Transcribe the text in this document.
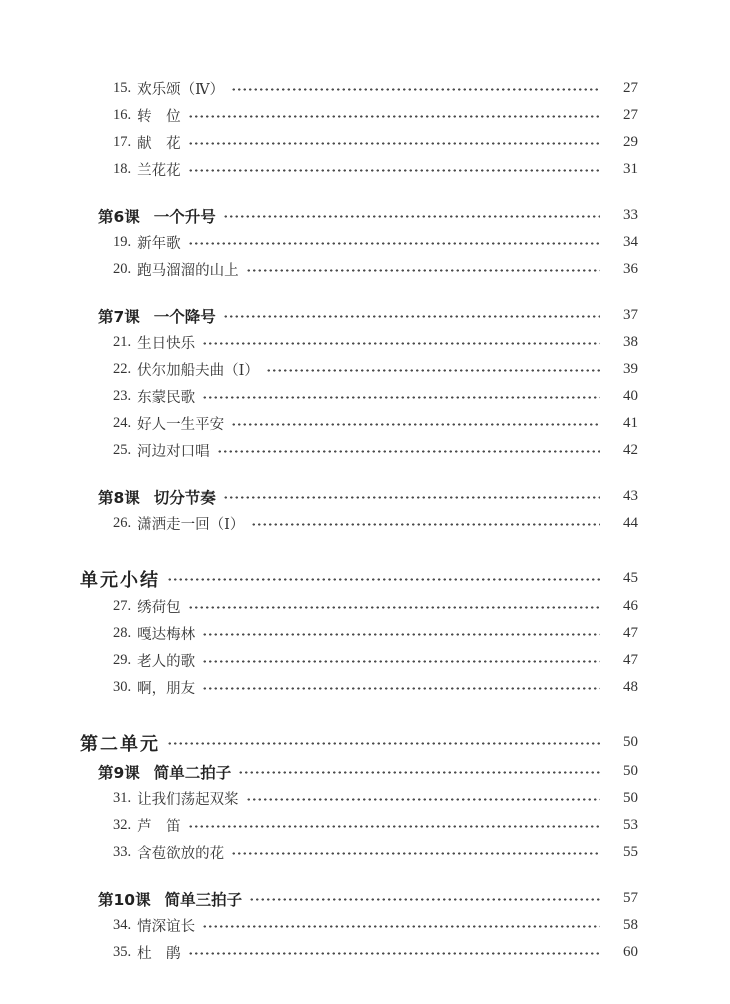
15. 欢乐颂（Ⅳ）	27
16. 转　位	27
17. 献　花	29
18. 兰花花	31
第6课 一个升号	33
19. 新年歌	34
20. 跑马溜溜的山上	36
第7课 一个降号	37
21. 生日快乐	38
22. 伏尔加船夫曲（Ⅰ）	39
23. 东蒙民歌	40
24. 好人一生平安	41
25. 河边对口唱	42
第8课 切分节奏	43
26. 潇洒走一回（Ⅰ）	44
单元小结	45
27. 绣荷包	46
28. 嘎达梅林	47
29. 老人的歌	47
30. 啊，朋友	48
第二单元	50
第9课 简单二拍子	50
31. 让我们荡起双桨	50
32. 芦　笛	53
33. 含苞欲放的花	55
第10课 简单三拍子	57
34. 情深谊长	58
35. 杜　鹃	60
